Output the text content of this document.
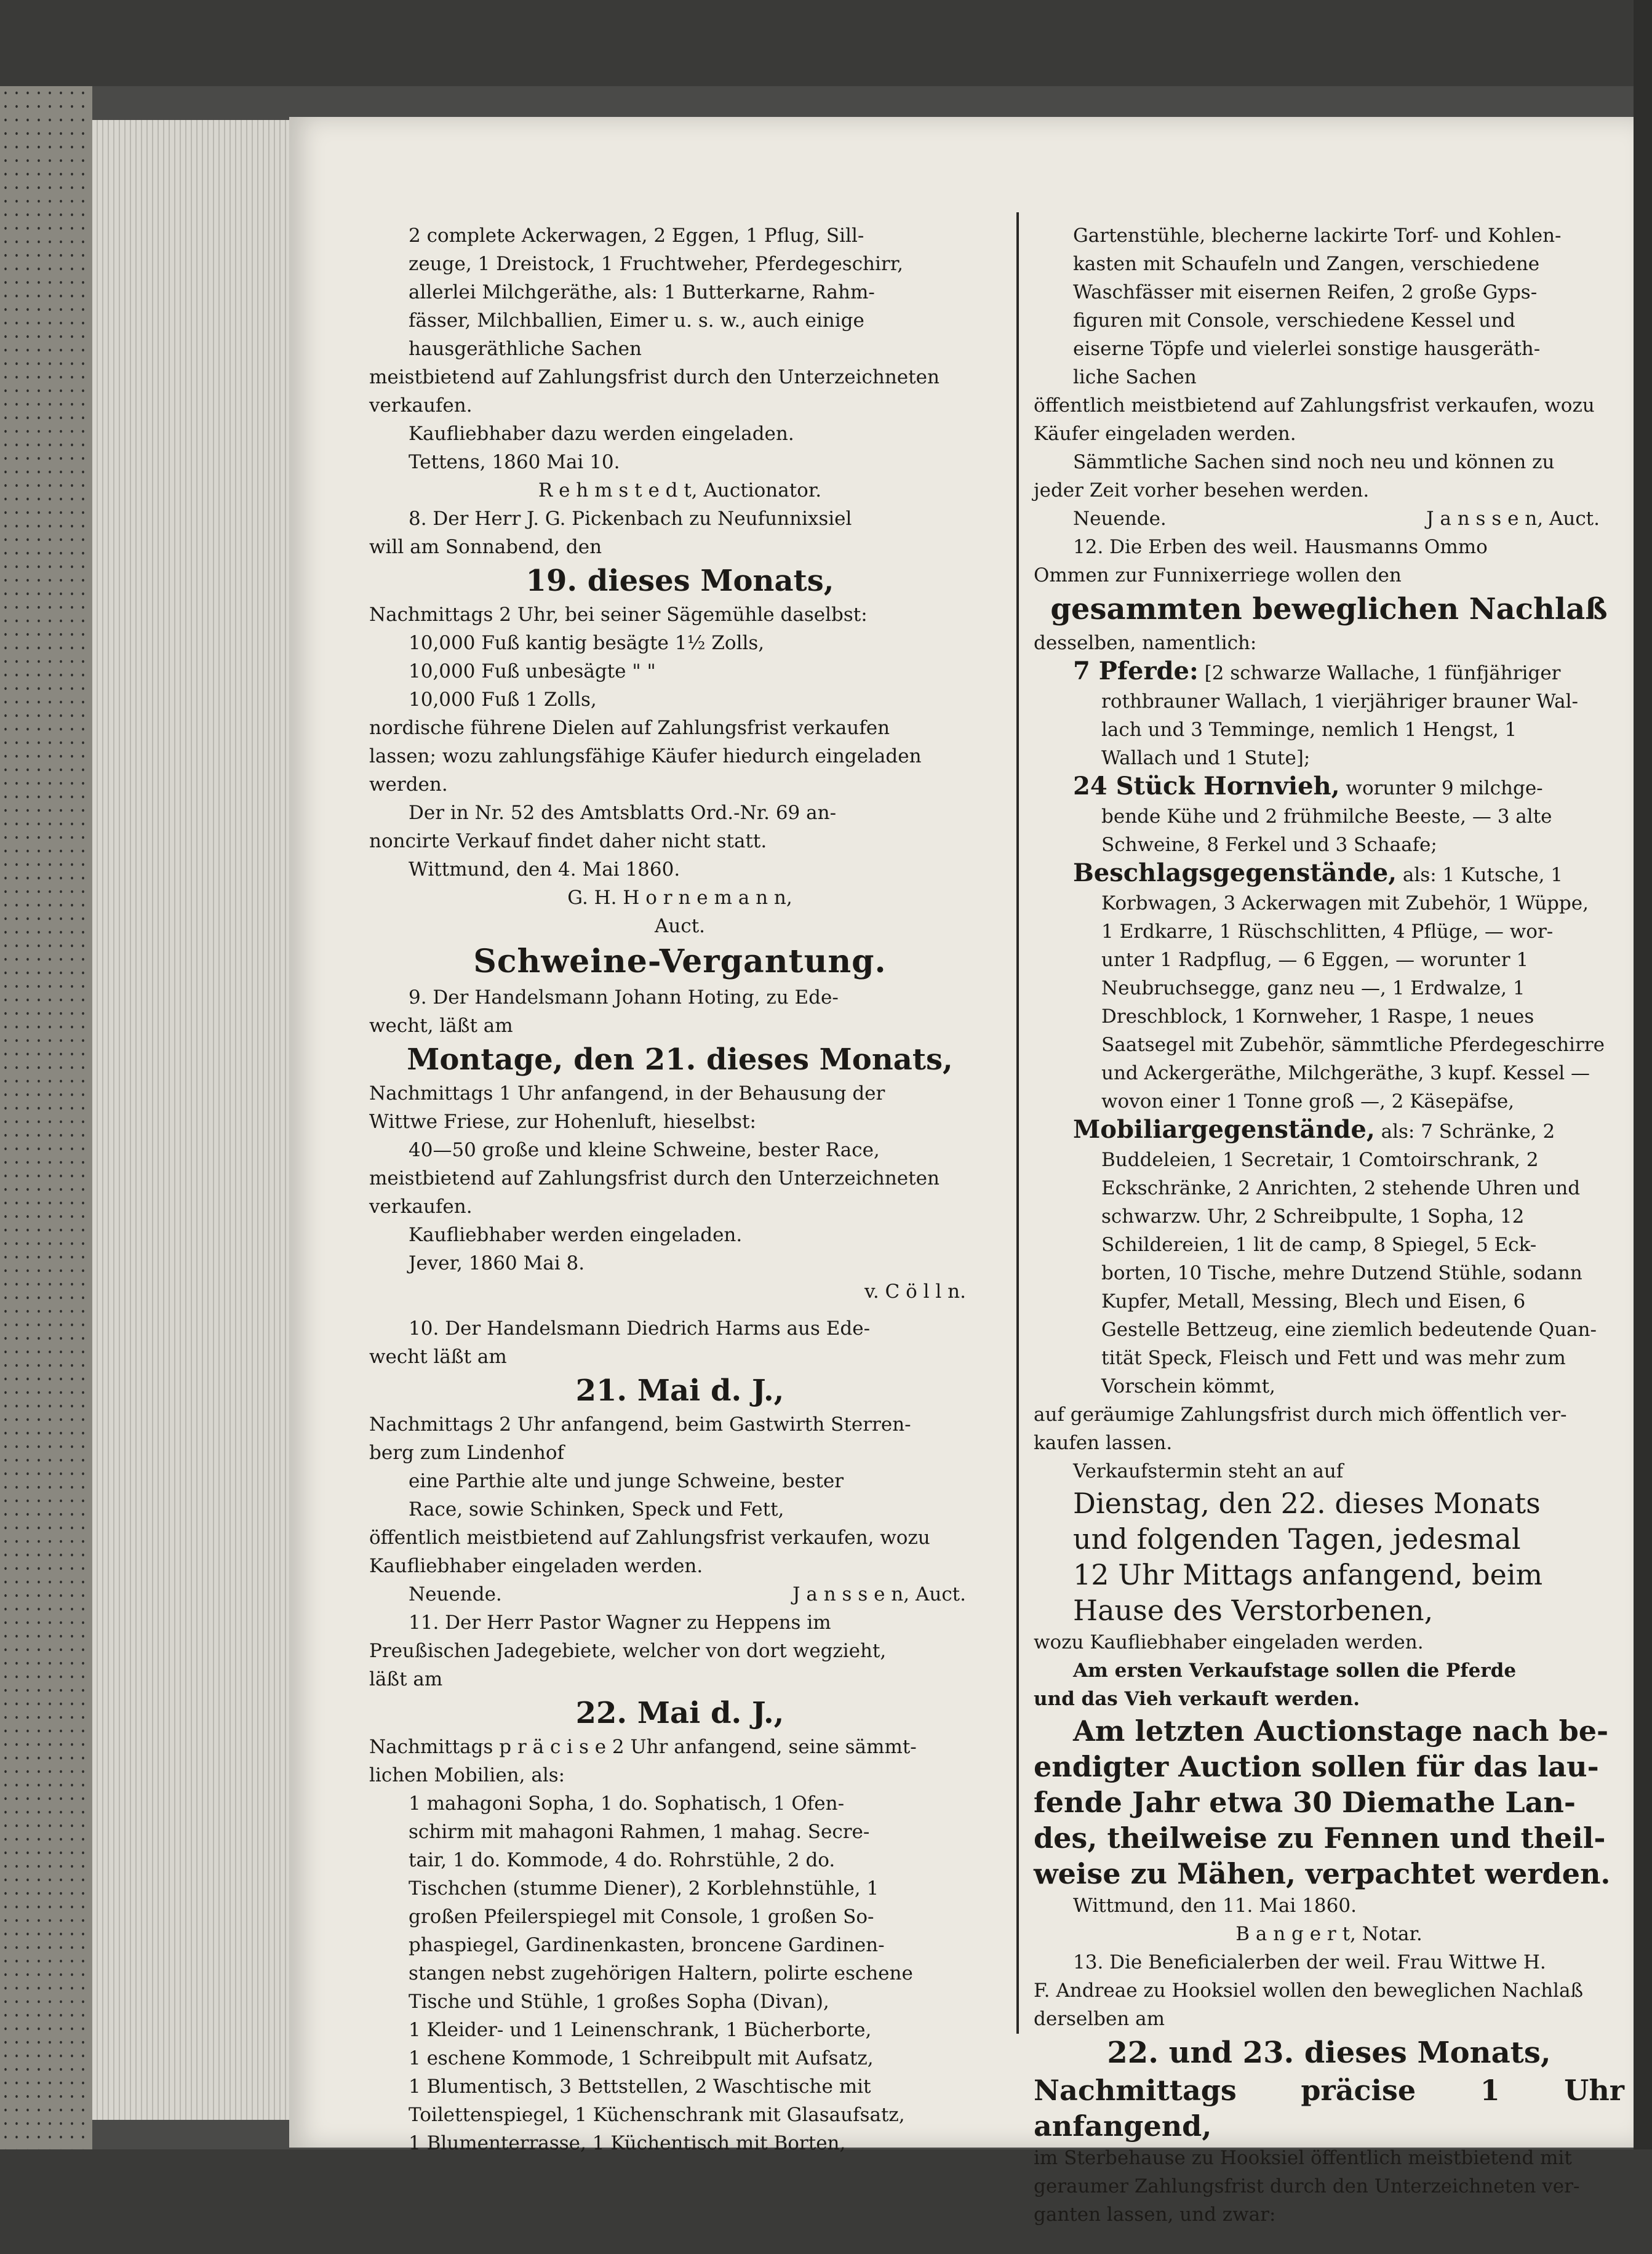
2 complete Ackerwagen, 2 Eggen, 1 Pflug, Sill-

zeuge, 1 Dreistock, 1 Fruchtweher, Pferdegeschirr,

allerlei Milchgeräthe, als: 1 Butterkarne, Rahm-

fässer, Milchballien, Eimer u. s. w., auch einige

hausgeräthliche Sachen

meistbietend auf Zahlungsfrist durch den Unterzeichneten

verkaufen.

Kaufliebhaber dazu werden eingeladen.

Tettens, 1860 Mai 10.

R e h m s t e d t, Auctionator.

8. Der Herr J. G. Pickenbach zu Neufunnixsiel

will am Sonnabend, den

19. dieses Monats,

Nachmittags 2 Uhr, bei seiner Sägemühle daselbst:

10,000 Fuß kantig besägte 1½ Zolls,

10,000 Fuß unbesägte " "

10,000 Fuß 1 Zolls,

nordische führene Dielen auf Zahlungsfrist verkaufen

lassen; wozu zahlungsfähige Käufer hiedurch eingeladen

werden.

Der in Nr. 52 des Amtsblatts Ord.-Nr. 69 an-

noncirte Verkauf findet daher nicht statt.

Wittmund, den 4. Mai 1860.

G. H. H o r n e m a n n,

Auct.

Schweine-Vergantung.

9. Der Handelsmann Johann Hoting, zu Ede-

wecht, läßt am

Montage, den 21. dieses Monats,

Nachmittags 1 Uhr anfangend, in der Behausung der

Wittwe Friese, zur Hohenluft, hieselbst:

40—50 große und kleine Schweine, bester Race,

meistbietend auf Zahlungsfrist durch den Unterzeichneten

verkaufen.

Kaufliebhaber werden eingeladen.

Jever, 1860 Mai 8.

v. C ö l l n.

10. Der Handelsmann Diedrich Harms aus Ede-

wecht läßt am

21. Mai d. J.,

Nachmittags 2 Uhr anfangend, beim Gastwirth Sterren-

berg zum Lindenhof

eine Parthie alte und junge Schweine, bester

Race, sowie Schinken, Speck und Fett,

öffentlich meistbietend auf Zahlungsfrist verkaufen, wozu

Kaufliebhaber eingeladen werden.

Neuende.	J a n s s e n, Auct.

11. Der Herr Pastor Wagner zu Heppens im

Preußischen Jadegebiete, welcher von dort wegzieht,

läßt am

22. Mai d. J.,

Nachmittags p r ä c i s e 2 Uhr anfangend, seine sämmt-

lichen Mobilien, als:

1 mahagoni Sopha, 1 do. Sophatisch, 1 Ofen-

schirm mit mahagoni Rahmen, 1 mahag. Secre-

tair, 1 do. Kommode, 4 do. Rohrstühle, 2 do.

Tischchen (stumme Diener), 2 Korblehnstühle, 1

großen Pfeilerspiegel mit Console, 1 großen So-

phaspiegel, Gardinenkasten, broncene Gardinen-

stangen nebst zugehörigen Haltern, polirte eschene

Tische und Stühle, 1 großes Sopha (Divan),

1 Kleider- und 1 Leinenschrank, 1 Bücherborte,

1 eschene Kommode, 1 Schreibpult mit Aufsatz,

1 Blumentisch, 3 Bettstellen, 2 Waschtische mit

Toilettenspiegel, 1 Küchenschrank mit Glasaufsatz,

1 Blumenterrasse, 1 Küchentisch mit Borten,

Gartenstühle, blecherne lackirte Torf- und Kohlen-

kasten mit Schaufeln und Zangen, verschiedene

Waschfässer mit eisernen Reifen, 2 große Gyps-

figuren mit Console, verschiedene Kessel und

eiserne Töpfe und vielerlei sonstige hausgeräth-

liche Sachen

öffentlich meistbietend auf Zahlungsfrist verkaufen, wozu

Käufer eingeladen werden.

Sämmtliche Sachen sind noch neu und können zu

jeder Zeit vorher besehen werden.

Neuende.	J a n s s e n, Auct.

12. Die Erben des weil. Hausmanns Ommo

Ommen zur Funnixerriege wollen den

gesammten beweglichen Nachlaß

desselben, namentlich:

7 Pferde: [2 schwarze Wallache, 1 fünfjähriger

rothbrauner Wallach, 1 vierjähriger brauner Wal-

lach und 3 Temminge, nemlich 1 Hengst, 1

Wallach und 1 Stute];

24 Stück Hornvieh, worunter 9 milchge-

bende Kühe und 2 frühmilche Beeste, — 3 alte

Schweine, 8 Ferkel und 3 Schaafe;

Beschlagsgegenstände, als: 1 Kutsche, 1

Korbwagen, 3 Ackerwagen mit Zubehör, 1 Wüppe,

1 Erdkarre, 1 Rüschschlitten, 4 Pflüge, — wor-

unter 1 Radpflug, — 6 Eggen, — worunter 1

Neubruchsegge, ganz neu —, 1 Erdwalze, 1

Dreschblock, 1 Kornweher, 1 Raspe, 1 neues

Saatsegel mit Zubehör, sämmtliche Pferdegeschirre

und Ackergeräthe, Milchgeräthe, 3 kupf. Kessel —

wovon einer 1 Tonne groß —, 2 Käsepäfse,

Mobiliargegenstände, als: 7 Schränke, 2

Buddeleien, 1 Secretair, 1 Comtoirschrank, 2

Eckschränke, 2 Anrichten, 2 stehende Uhren und

schwarzw. Uhr, 2 Schreibpulte, 1 Sopha, 12

Schildereien, 1 lit de camp, 8 Spiegel, 5 Eck-

borten, 10 Tische, mehre Dutzend Stühle, sodann

Kupfer, Metall, Messing, Blech und Eisen, 6

Gestelle Bettzeug, eine ziemlich bedeutende Quan-

tität Speck, Fleisch und Fett und was mehr zum

Vorschein kömmt,

auf geräumige Zahlungsfrist durch mich öffentlich ver-

kaufen lassen.

Verkaufstermin steht an auf

Dienstag, den 22. dieses Monats

und folgenden Tagen, jedesmal

12 Uhr Mittags anfangend, beim

Hause des Verstorbenen,

wozu Kaufliebhaber eingeladen werden.

Am ersten Verkaufstage sollen die Pferde

und das Vieh verkauft werden.

Am letzten Auctionstage nach be-

endigter Auction sollen für das lau-

fende Jahr etwa 30 Diemathe Lan-

des, theilweise zu Fennen und theil-

weise zu Mähen, verpachtet werden.

Wittmund, den 11. Mai 1860.

B a n g e r t, Notar.

13. Die Beneficialerben der weil. Frau Wittwe H.

F. Andreae zu Hooksiel wollen den beweglichen Nachlaß

derselben am

22. und 23. dieses Monats,

Nachmittags präcise 1 Uhr anfangend,

im Sterbehause zu Hooksiel öffentlich meistbietend mit

geraumer Zahlungsfrist durch den Unterzeichneten ver-

ganten lassen, und zwar:
